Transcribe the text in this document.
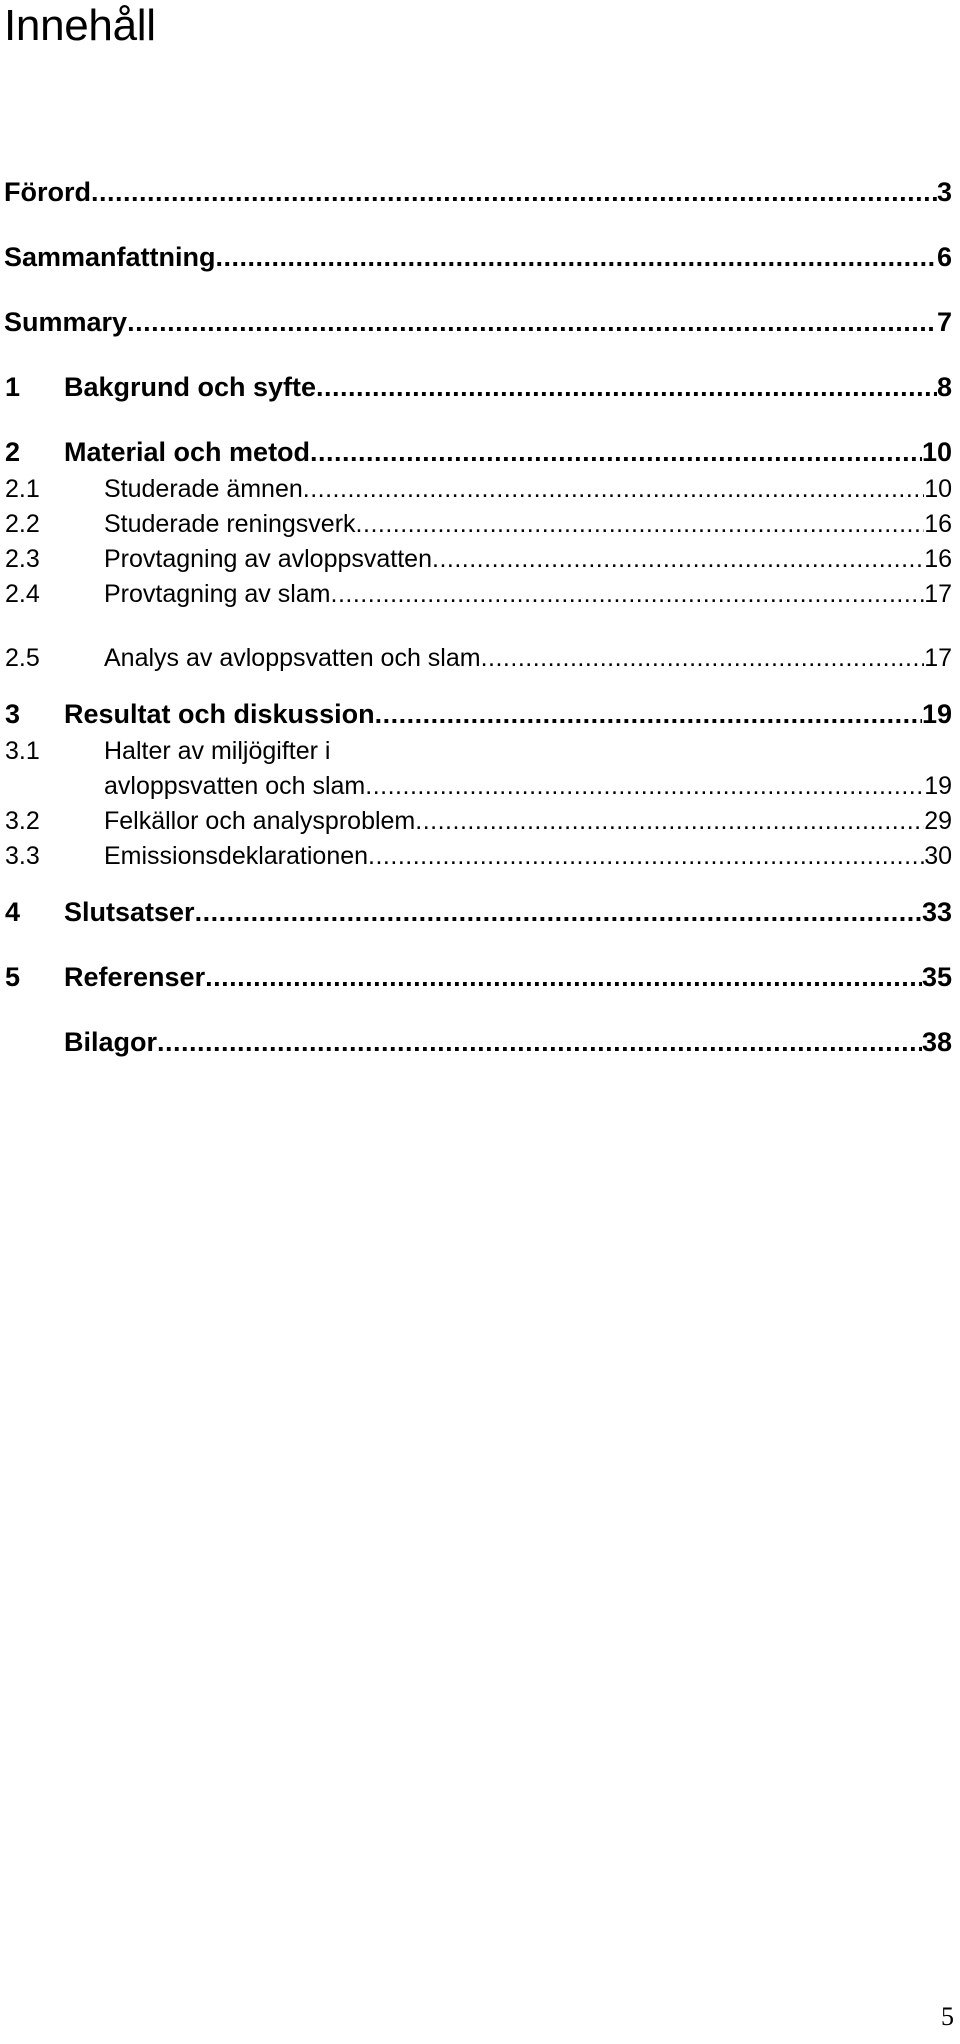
Innehåll
Förord .....	3
Sammanfattning .....	6
Summary .....	7
1 Bakgrund och syfte .....	8
2 Material och metod .....	10
2.1	Studerade ämnen .....	10
2.2	Studerade reningsverk .....	16
2.3	Provtagning av avloppsvatten .....	16
2.4	Provtagning av slam .....	17
2.5	Analys av avloppsvatten och slam .....	17
3 Resultat och diskussion .....	19
3.1	Halter av miljögifter i
avloppsvatten och slam .....	19
3.2	Felkällor och analysproblem .....	29
3.3	Emissionsdeklarationen .....	30
4 Slutsatser .....	33
5 Referenser .....	35
Bilagor .....	38
5
